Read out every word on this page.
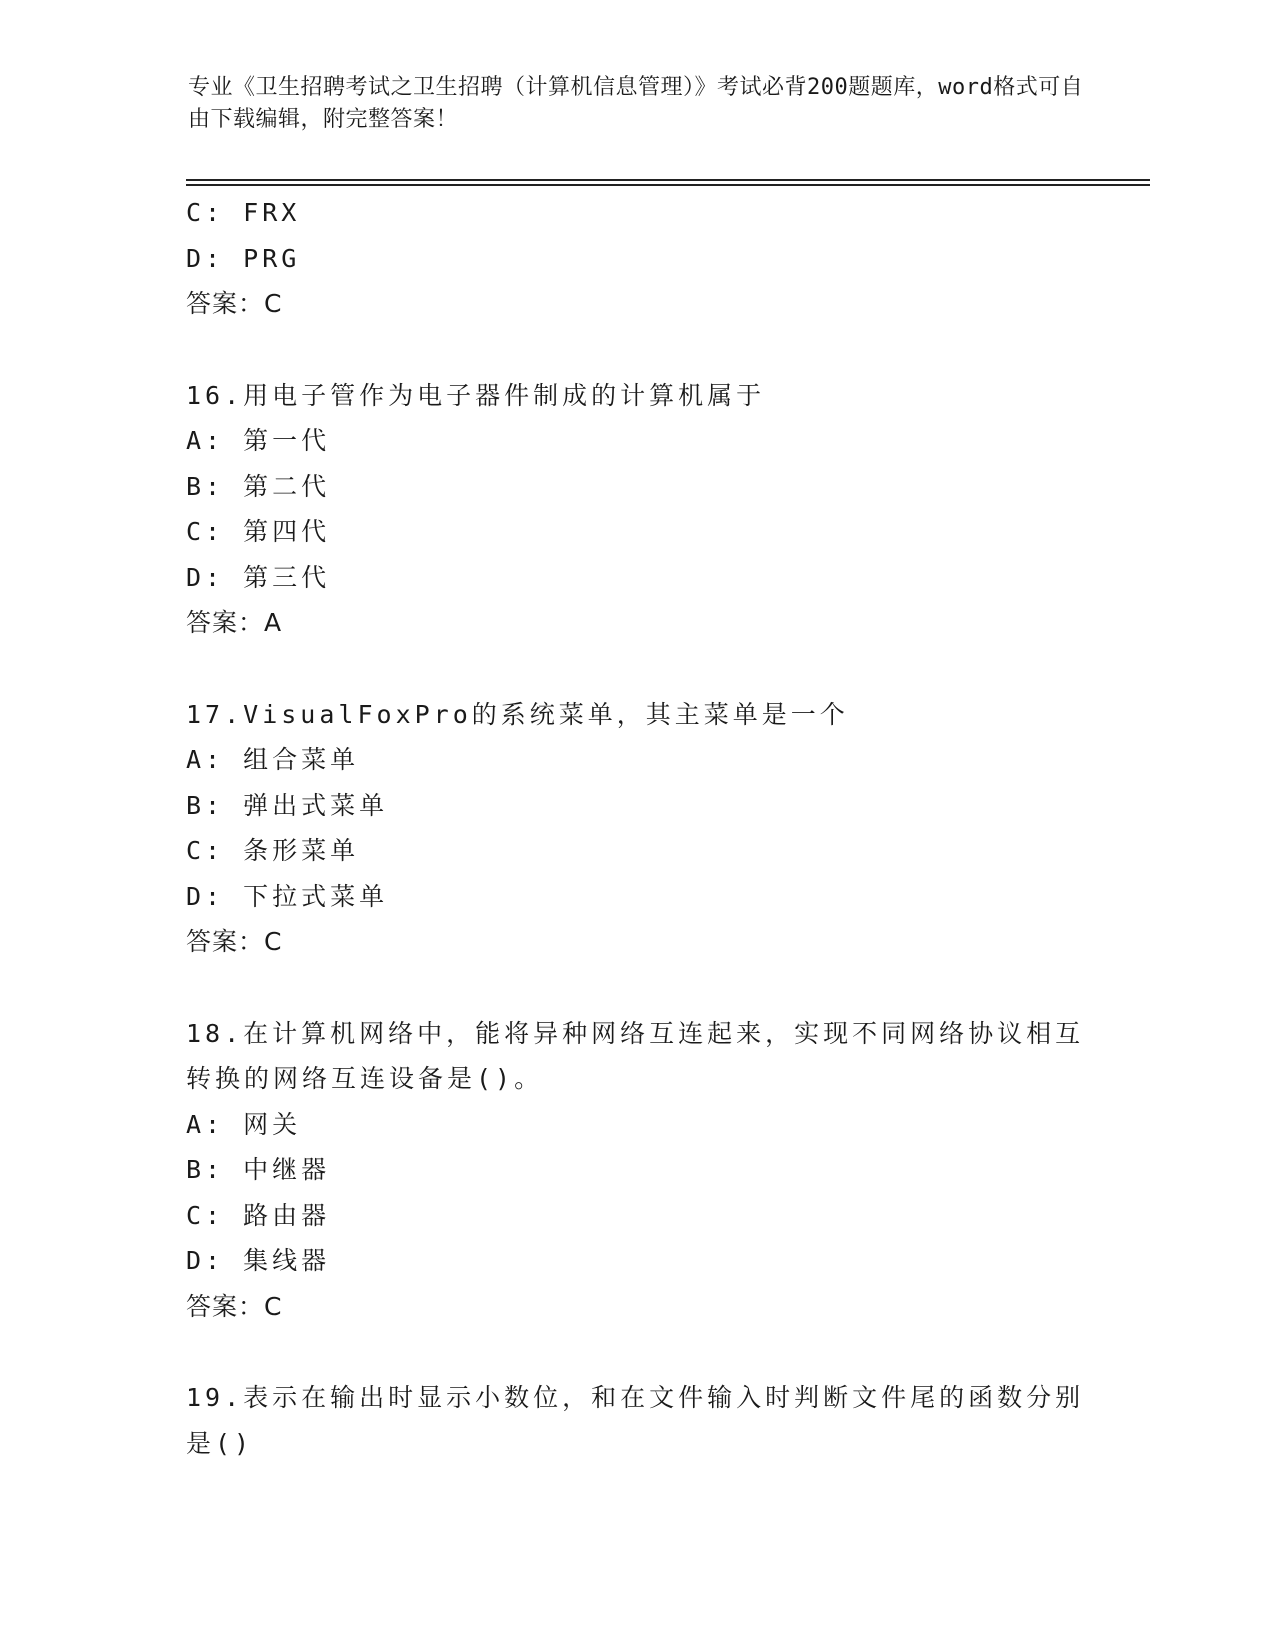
专业《卫生招聘考试之卫生招聘（计算机信息管理）》考试必背200题题库，word格式可自由下载编辑，附完整答案！
C: FRX
D: PRG
答案：C
16.用电子管作为电子器件制成的计算机属于
A: 第一代
B: 第二代
C: 第四代
D: 第三代
答案：A
17.VisualFoxPro的系统菜单，其主菜单是一个
A: 组合菜单
B: 弹出式菜单
C: 条形菜单
D: 下拉式菜单
答案：C
18.在计算机网络中，能将异种网络互连起来，实现不同网络协议相互转换的网络互连设备是()。
A: 网关
B: 中继器
C: 路由器
D: 集线器
答案：C
19.表示在输出时显示小数位，和在文件输入时判断文件尾的函数分别是()
